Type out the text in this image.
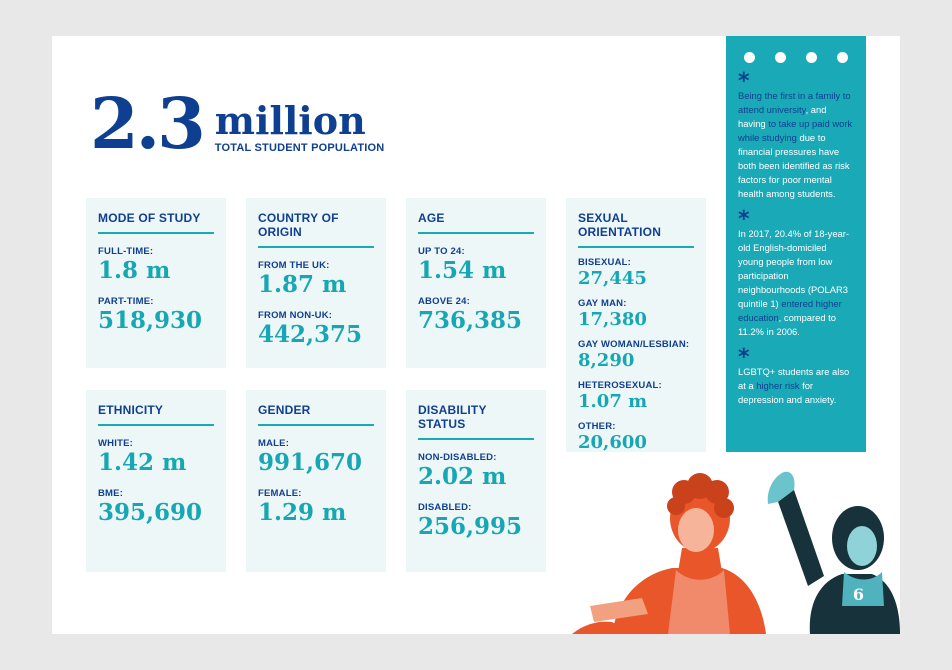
2.3 million
TOTAL STUDENT POPULATION
MODE OF STUDY
FULL-TIME:
1.8 m
PART-TIME:
518,930
COUNTRY OF ORIGIN
FROM THE UK:
1.87 m
FROM NON-UK:
442,375
AGE
UP TO 24:
1.54 m
ABOVE 24:
736,385
SEXUAL ORIENTATION
BISEXUAL:
27,445
GAY MAN:
17,380
GAY WOMAN/LESBIAN:
8,290
HETEROSEXUAL:
1.07 m
OTHER:
20,600
ETHNICITY
WHITE:
1.42 m
BME:
395,690
GENDER
MALE:
991,670
FEMALE:
1.29 m
DISABILITY STATUS
NON-DISABLED:
2.02 m
DISABLED:
256,995
*
Being the first in a family to attend university, and having to take up paid work while studying due to financial pressures have both been identified as risk factors for poor mental health among students.
*
In 2017, 20.4% of 18-year-old English-domiciled young people from low participation neighbourhoods (POLAR3 quintile 1) entered higher education, compared to 11.2% in 2006.
*
LGBTQ+ students are also at a higher risk for depression and anxiety.
6
